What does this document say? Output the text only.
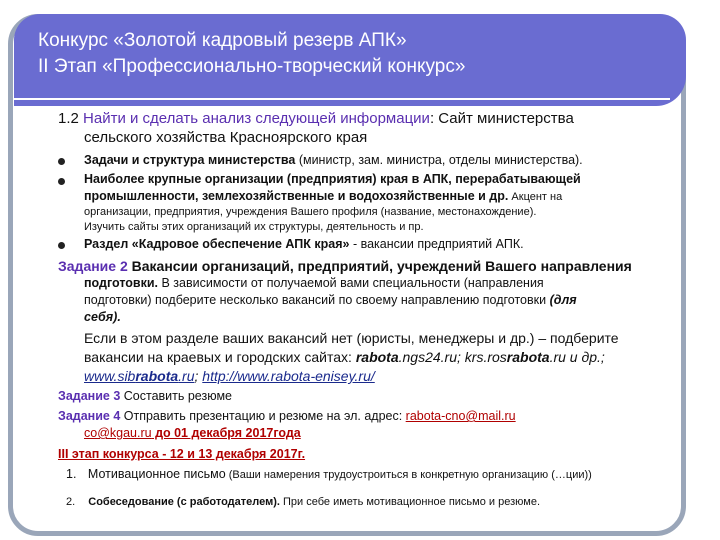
Конкурс «Золотой кадровый резерв АПК»
II Этап «Профессионально-творческий конкурс»
1.2 Найти и сделать анализ следующей информации: Сайт министерства
сельского хозяйства Красноярского края
Задачи и структура министерства (министр, зам. министра, отделы министерства).
Наиболее крупные организации (предприятия) края в АПК, перерабатывающей
промышленности, землехозяйственные и водохозяйственные и др. Акцент на
организации, предприятия, учреждения Вашего профиля (название, местонахождение).
Изучить сайты этих организаций их структуры, деятельность и пр.
Раздел «Кадровое обеспечение АПК края» - вакансии предприятий АПК.
Задание 2 Вакансии организаций, предприятий, учреждений Вашего направления
подготовки. В зависимости от получаемой вами специальности (направления
подготовки) подберите несколько вакансий по своему направлению подготовки (для
себя).
Если в этом разделе ваших вакансий нет (юристы, менеджеры и др.) – подберите
вакансии на краевых и городских сайтах: rabota.ngs24.ru; krs.rosrabota.ru и др.;
www.sibrabota.ru; http://www.rabota-enisey.ru/
Задание 3 Составить резюме
Задание 4 Отправить презентацию и резюме на эл. адрес: rabota-cno@mail.ru
co@kgau.ru до 01 декабря 2017года
III этап конкурса - 12 и 13 декабря 2017г.
1. Мотивационное письмо (Ваши намерения трудоустроиться в конкретную организацию (…ции))
2. Собеседование (с работодателем). При себе иметь мотивационное письмо и резюме.
